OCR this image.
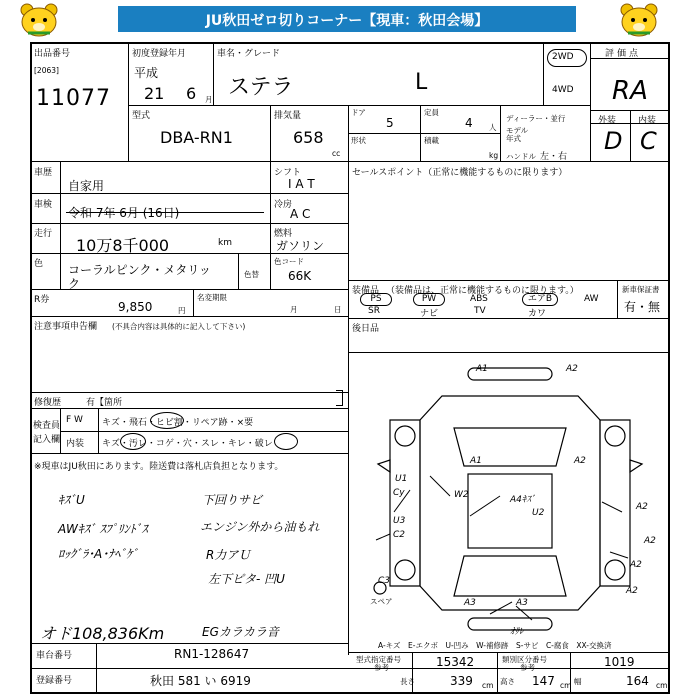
JU秋田ゼロ切りコーナー【現車：秋田会場】
出品番号
[2063]
11077
初度登録年月
平成
21 6 月
車名・グレード
ステラ	L
2WD
4WD
評価点
RA
外装 内装
D C
型式
DBA-RN1
排気量
658
cc
ドア
5
定員
4 人
形状	積載
kg
ディーラー・並行
モデル
年式
ハンドル 左・右
車歴
自家用
シフト
I A T
車検
令和 7年 6月 (16日)
冷房
A C
走行
10万8千000	km
燃料
ガソリン
色 コーラルピンク・メタリッ
ク
色替
色コード
66K
R券	9,850	円
名変期限
月	日
注意事項申告欄 (不具合内容は具体的に記入して下さい)
修復歴	有【箇所
検査員
記入欄
F W キズ・飛石・ヒビ割・リペア跡・×要
内装 キズ・汚レ・コゲ・穴・スレ・キレ・破レ
※現車はJU秋田にあります。陸送費は落札店負担となります。
ｷｽﾞU
AWｷｽﾞ ｽﾌﾟﾘﾝﾄﾞｽ
ﾛｯｸﾞﾗ･A･ﾅﾍﾞｹﾞ
下回りサビ
エンジン外から油もれ
R力アＵ
左下ピタ- 凹U
オド108,836Km	EGカラカラ音
セールスポイント（正常に機能するものに限ります）
装備品 （装備品は、正常に機能するものに限ります。）	新車保証書
有・無
PS	PW	ABS	エアB	AW
SR	ナビ	TV	カワ
後日品
A1	A2
A1	A2
U1
Cy	W2	A4ｷｽﾞ
U2
A2
A2
U3
C2
A2
C3
A2
A3	A3
ｵｻﾚ
スペア
A-キズ　E-エクボ　U-凹み　W-補修跡　S-サビ　C-腐食　XX-交換済
車台番号	RN1-128647
登録番号	秋田 581 い 6919
型式指定番号
参考	15342	類別区分番号
参考	1019
長さ	339 cm 高さ 147 cm 幅	164 cm
